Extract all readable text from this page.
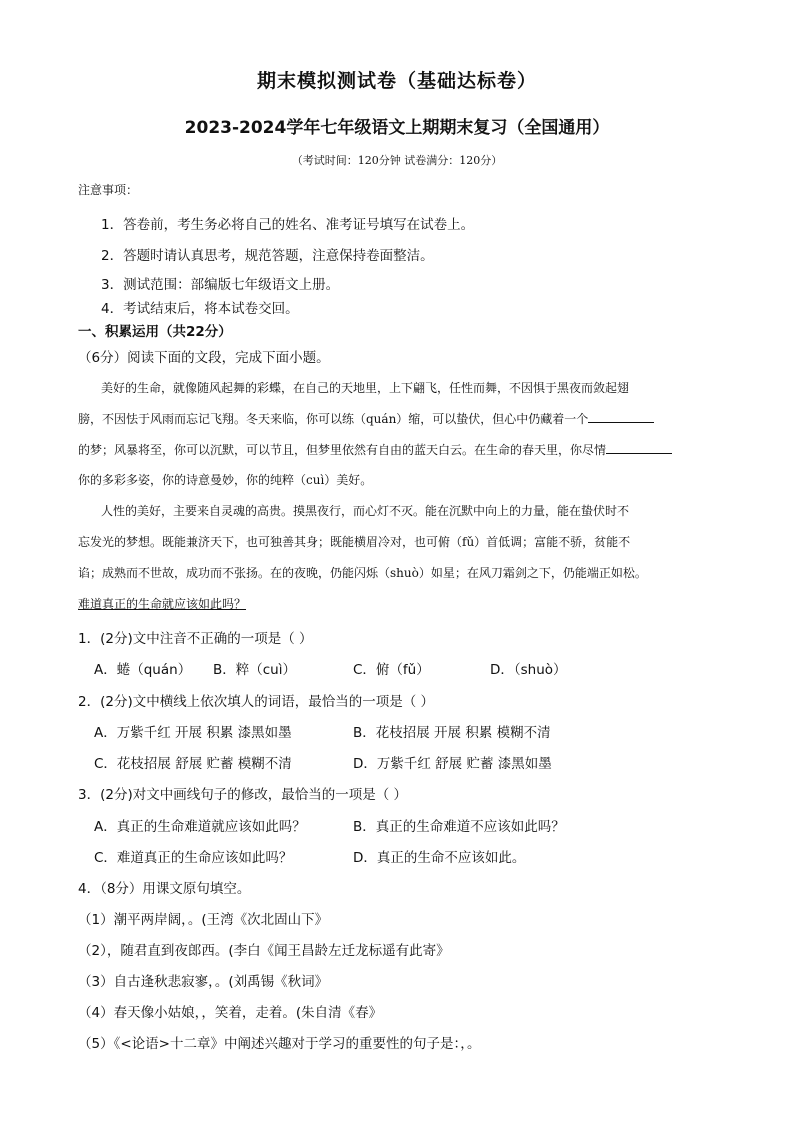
期末模拟测试卷（基础达标卷）
2023-2024学年七年级语文上期期末复习（全国通用）
（考试时间：120分钟 试卷满分：120分）
注意事项：
1．答卷前，考生务必将自己的姓名、准考证号填写在试卷上。
2．答题时请认真思考，规范答题，注意保持卷面整洁。
3．测试范围：部编版七年级语文上册。
4．考试结束后，将本试卷交回。
一、积累运用（共22分）
（6分）阅读下面的文段，完成下面小题。
美好的生命，就像随风起舞的彩蝶，在自己的天地里，上下翩飞，任性而舞，不因惧于黑夜而敛起翅
膀，不因怯于风雨而忘记飞翔。冬天来临，你可以练（quán）缩，可以蛰伏，但心中仍藏着一个
的梦；风暴将至，你可以沉默，可以节且，但梦里依然有自由的蓝天白云。在生命的春天里，你尽情
你的多彩多姿，你的诗意曼妙，你的纯粹（cuì）美好。
人性的美好，主要来自灵魂的高贵。摸黑夜行，而心灯不灭。能在沉默中向上的力量，能在蛰伏时不
忘发光的梦想。既能兼济天下，也可独善其身；既能横眉冷对，也可俯（fǔ）首低调；富能不骄，贫能不
谄；成熟而不世故，成功而不张扬。在的夜晚，仍能闪烁（shuò）如星；在风刀霜剑之下，仍能端正如松。
难道真正的生命就应该如此吗？
1．(2分)文中注音不正确的一项是（ ）
A．蜷（quán） B．粹（cuì）	C．俯（fǔ）	D．（shuò）
2．(2分)文中横线上依次填人的词语，最恰当的一项是（ ）
A．万紫千红 开展 积累 漆黑如墨	B．花枝招展 开展 积累 模糊不清
C．花枝招展 舒展 贮蓄 模糊不清	D．万紫千红 舒展 贮蓄 漆黑如墨
3．(2分)对文中画线句子的修改，最恰当的一项是（ ）
A．真正的生命难道就应该如此吗？	B．真正的生命难道不应该如此吗？
C．难道真正的生命应该如此吗？	D．真正的生命不应该如此。
4．（8分）用课文原句填空。
（1）潮平两岸阔，。(王湾《次北固山下》
（2），随君直到夜郎西。(李白《闻王昌龄左迁龙标遥有此寄》
（3）自古逢秋悲寂寥，。(刘禹锡《秋词》
（4）春天像小姑娘，，笑着，走着。(朱自清《春》
（5）《<论语>十二章》中阐述兴趣对于学习的重要性的句子是：，。
